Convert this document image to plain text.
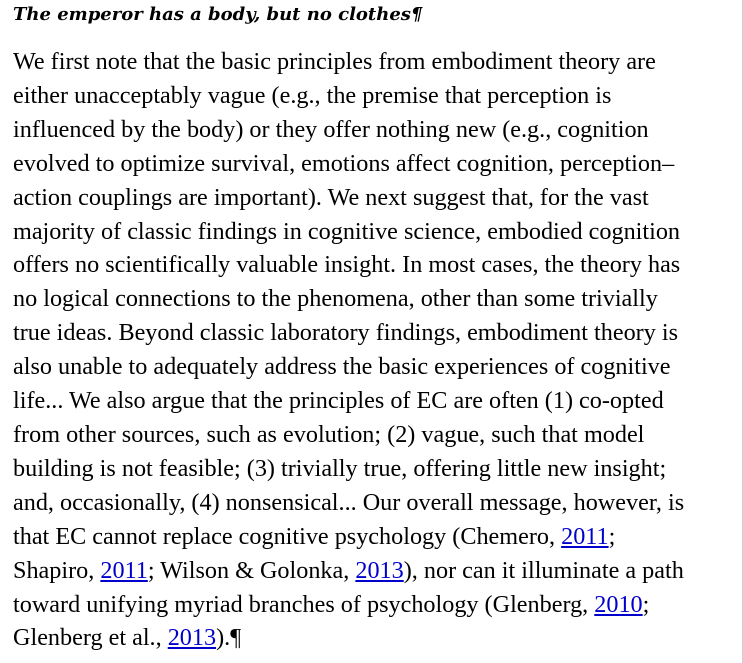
The emperor has a body, but no clothes¶

We first note that the basic principles from embodiment theory are
either unacceptably vague (e.g., the premise that perception is
influenced by the body) or they offer nothing new (e.g., cognition
evolved to optimize survival, emotions affect cognition, perception–
action couplings are important). We next suggest that, for the vast
majority of classic findings in cognitive science, embodied cognition
offers no scientifically valuable insight. In most cases, the theory has
no logical connections to the phenomena, other than some trivially
true ideas. Beyond classic laboratory findings, embodiment theory is
also unable to adequately address the basic experiences of cognitive
life... We also argue that the principles of EC are often (1) co-opted
from other sources, such as evolution; (2) vague, such that model
building is not feasible; (3) trivially true, offering little new insight;
and, occasionally, (4) nonsensical... Our overall message, however, is
that EC cannot replace cognitive psychology (Chemero, 2011;
Shapiro, 2011; Wilson & Golonka, 2013), nor can it illuminate a path
toward unifying myriad branches of psychology (Glenberg, 2010;
Glenberg et al., 2013).¶
